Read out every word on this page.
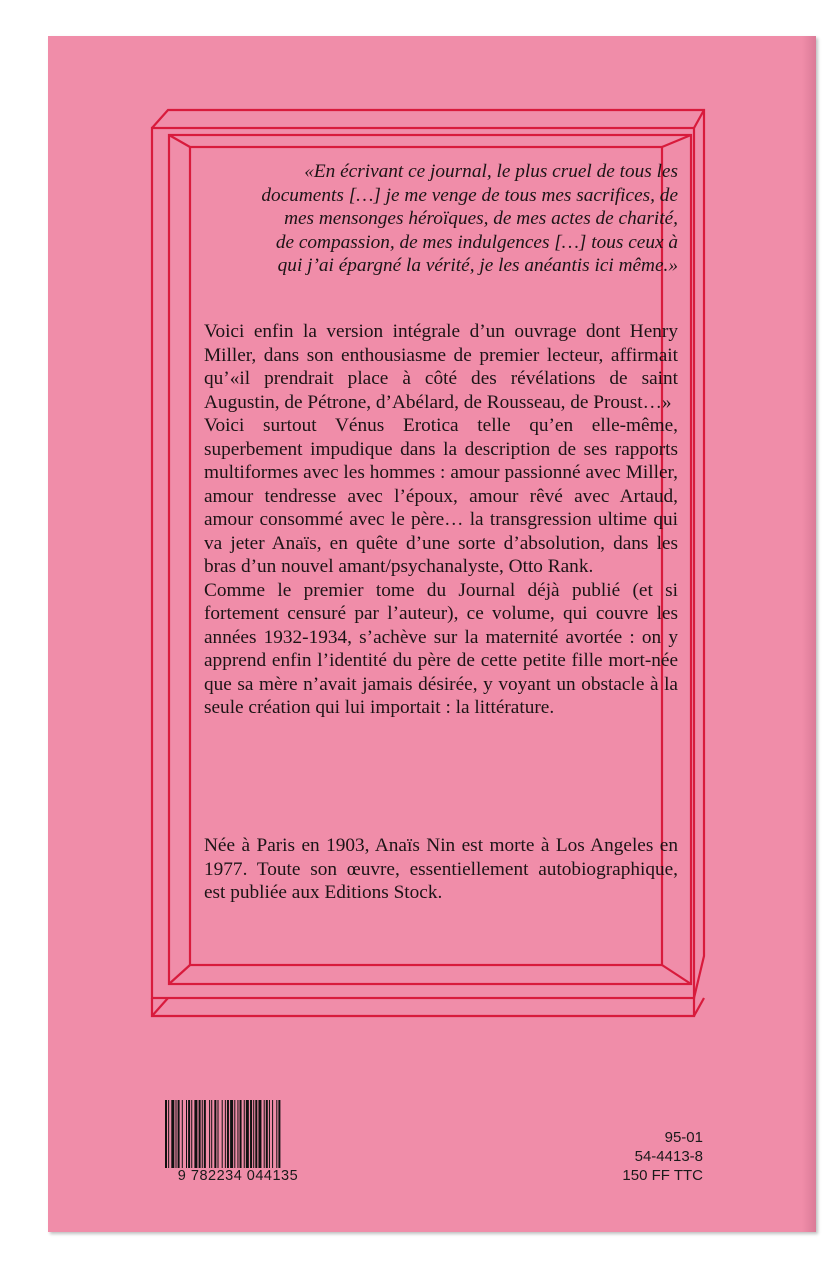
«En écrivant ce journal, le plus cruel de tous les
documents […] je me venge de tous mes sacrifices, de
mes mensonges héroïques, de mes actes de charité,
de compassion, de mes indulgences […] tous ceux à
qui j’ai épargné la vérité, je les anéantis ici même.»

Voici enfin la version intégrale d’un ouvrage dont Henry Miller, dans son enthousiasme de premier lecteur, affirmait qu’«il prendrait place à côté des révélations de saint Augustin, de Pétrone, d’Abélard, de Rousseau, de Proust…»

Voici surtout Vénus Erotica telle qu’en elle-même, superbement impudique dans la description de ses rapports multiformes avec les hommes : amour passionné avec Miller, amour tendresse avec l’époux, amour rêvé avec Artaud, amour consommé avec le père… la transgression ultime qui va jeter Anaïs, en quête d’une sorte d’absolution, dans les bras d’un nouvel amant/psychanalyste, Otto Rank.

Comme le premier tome du Journal déjà publié (et si fortement censuré par l’auteur), ce volume, qui couvre les années 1932-1934, s’achève sur la maternité avortée : on y apprend enfin l’identité du père de cette petite fille mort-née que sa mère n’avait jamais désirée, y voyant un obstacle à la seule création qui lui importait : la littérature.

Née à Paris en 1903, Anaïs Nin est morte à Los Angeles en 1977. Toute son œuvre, essentiellement autobiographique, est publiée aux Editions Stock.

9 782234 044135
95-01
54-4413-8
150 FF TTC
